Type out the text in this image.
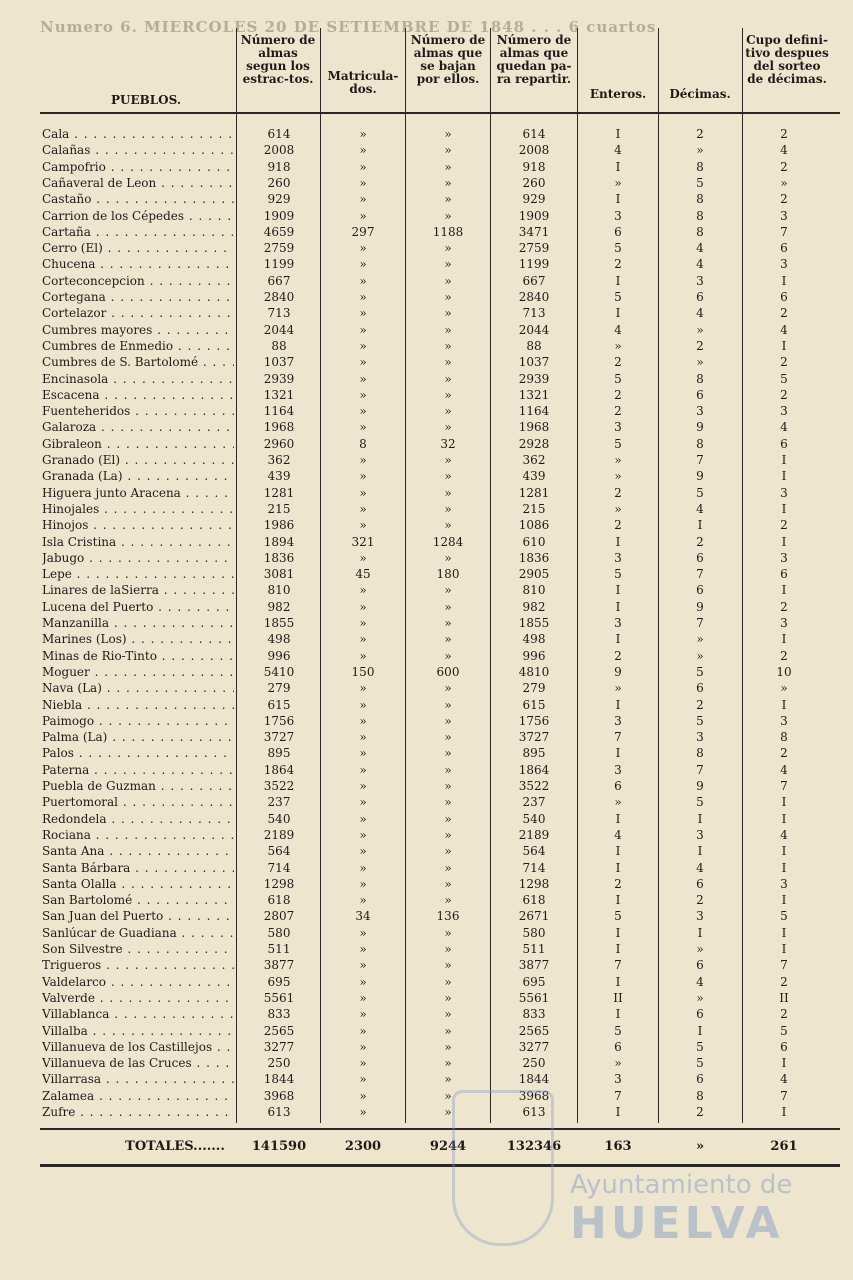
Numero 6. MIERCOLES 20 DE SETIEMBRE DE 1848 . . . 6 cuartos
PUEBLOS.
Número de almas segun los estrac-tos.	Matricula-dos.
Número de almas que se bajan por ellos.
Número de almas que quedan pa-ra repartir.
Enteros.	Décimas.
Cupo defini-tivo despues del sorteo de décimas.
Cala . . .	614	»	»	614	I	2	2
Calañas . . .	2008	»	»	2008	4	»	4
Campofrio . . .	918	»	»	918	I	8	2
Cañaveral de Leon . . .	260	»	»	260	»	5	»
Castaño . . .	929	»	»	929	I	8	2
Carrion de los Cépedes . . .	1909	»	»	1909	3	8	3
Cartaña . . .	4659	297	1188	3471	6	8	7
Cerro (El) . . .	2759	»	»	2759	5	4	6
Chucena . . .	1199	»	»	1199	2	4	3
Corteconcepcion . . .	667	»	»	667	I	3	I
Cortegana . . .	2840	»	»	2840	5	6	6
Cortelazor . . .	713	»	»	713	I	4	2
Cumbres mayores . . .	2044	»	»	2044	4	»	4
Cumbres de Enmedio . . .	88	»	»	88	»	2	I
Cumbres de S. Bartolomé . . .	1037	»	»	1037	2	»	2
Encinasola . . .	2939	»	»	2939	5	8	5
Escacena . . .	1321	»	»	1321	2	6	2
Fuenteheridos . . .	1164	»	»	1164	2	3	3
Galaroza . . .	1968	»	»	1968	3	9	4
Gibraleon . . .	2960	8	32	2928	5	8	6
Granado (El) . . .	362	»	»	362	»	7	I
Granada (La) . . .	439	»	»	439	»	9	I
Higuera junto Aracena . . .	1281	»	»	1281	2	5	3
Hinojales . . .	215	»	»	215	»	4	I
Hinojos . . .	1986	»	»	1086	2	I	2
Isla Cristina . . .	1894	321	1284	610	I	2	I
Jabugo . . .	1836	»	»	1836	3	6	3
Lepe . . .	3081	45	180	2905	5	7	6
Linares de laSierra . . .	810	»	»	810	I	6	I
Lucena del Puerto . . .	982	»	»	982	I	9	2
Manzanilla . . .	1855	»	»	1855	3	7	3
Marines (Los) . . .	498	»	»	498	I	»	I
Minas de Rio-Tinto . . .	996	»	»	996	2	»	2
Moguer . . .	5410	150	600	4810	9	5	10
Nava (La) . . .	279	»	»	279	»	6	»
Niebla . . .	615	»	»	615	I	2	I
Paimogo . . .	1756	»	»	1756	3	5	3
Palma (La) . . .	3727	»	»	3727	7	3	8
Palos . . .	895	»	»	895	I	8	2
Paterna . . .	1864	»	»	1864	3	7	4
Puebla de Guzman . . .	3522	»	»	3522	6	9	7
Puertomoral . . .	237	»	»	237	»	5	I
Redondela . . .	540	»	»	540	I	I	I
Rociana . . .	2189	»	»	2189	4	3	4
Santa Ana . . .	564	»	»	564	I	I	I
Santa Bárbara . . .	714	»	»	714	I	4	I
Santa Olalla . . .	1298	»	»	1298	2	6	3
San Bartolomé . . .	618	»	»	618	I	2	I
San Juan del Puerto . . .	2807	34	136	2671	5	3	5
Sanlúcar de Guadiana . . .	580	»	»	580	I	I	I
Son Silvestre . . .	511	»	»	511	I	»	I
Trigueros . . .	3877	»	»	3877	7	6	7
Valdelarco . . .	695	»	»	695	I	4	2
Valverde . . .	5561	»	»	5561	II	»	II
Villablanca . . .	833	»	»	833	I	6	2
Villalba . . .	2565	»	»	2565	5	I	5
Villanueva de los Castillejos . . .	3277	»	»	3277	6	5	6
Villanueva de las Cruces . . .	250	»	»	250	»	5	I
Villarrasa . . .	1844	»	»	1844	3	6	4
Zalamea . . .	3968	»	»	3968	7	8	7
Zufre . . .	613	»	»	613	I	2	I
TOTALES.......	141590	2300	9244	132346	163	»	261
Ayuntamiento de
HUELVA
